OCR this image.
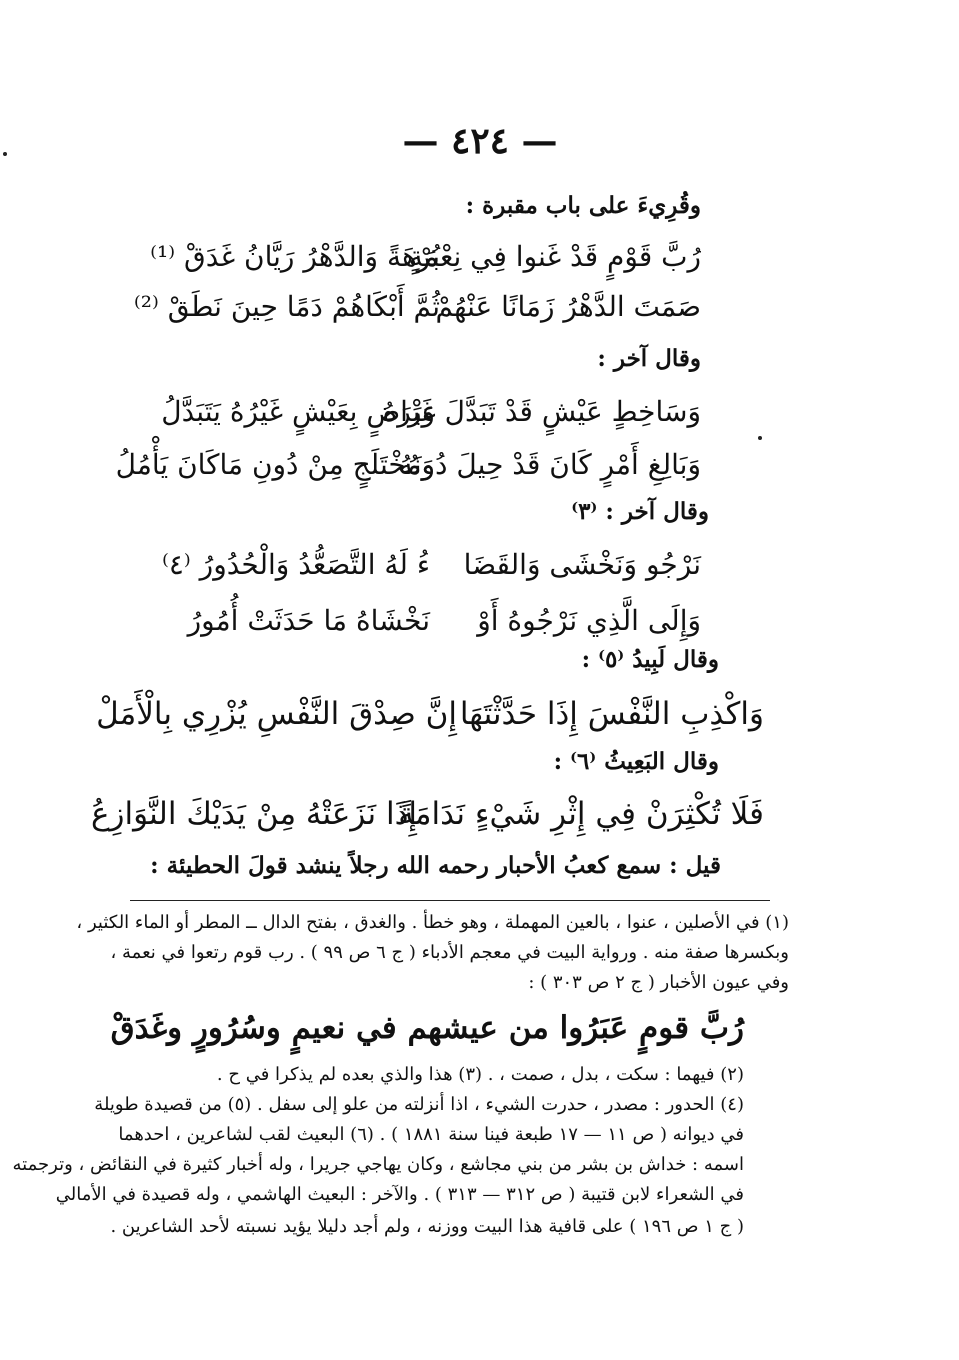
— ٤٢٤ —
وقُرِيءَ على باب مقبرة :
رُبَّ قَوْمٍ قَدْ غَنوا فِي نِعْمَةٍ
بُرْهَةً وَالدَّهْرُ رَيَّانُ غَدَقْ ⁽¹⁾
صَمَتَ الدَّهْرُ زَمَانًا عَنْهُمْ
ثُمَّ أَبْكَاهُمْ دَمًا حِينَ نَطَقْ ⁽²⁾
وقال آخر :
وَسَاخِطٍ عَيْشٍ قَدْ تَبَدَّلَ غَيْرَهُ
وَرَاضٍ بِعَيْشٍ غَيْرُهُ يَتَبَدَّلُ
وَبَالِغِ أَمْرٍ كَانَ قَدْ حِيلَ دُونَهُ
وَمُخْتَلَجٍ مِنْ دُونِ مَاكَانَ يَأْمُلُ
وقال آخر : ⁽٣⁾
نَرْجُو وَنَخْشَى وَالقَضَا
ءُ لَهُ التَّصَعُّدُ وَالْحُدُورُ ⁽٤⁾
وَإِلَى الَّذِي نَرْجُوهُ أَوْ
نَخْشَاهُ مَا حَدَثَتْ أُمُورُ
وقال لَبِيدُ ⁽٥⁾ :
وَاكْذِبِ النَّفْسَ إِذَا حَدَّثْتَهَا
إِنَّ صِدْقَ النَّفْسِ يُزْرِي بِالْأَمَلْ
وقال البَعِيثُ ⁽٦⁾ :
فَلَا تُكْثِرَنْ فِي إِثْرِ شَيْءٍ نَدَامَةً
إِذَا نَزَعَتْهُ مِنْ يَدَيْكَ النَّوَازِعُ
قيل : سمع كعبُ الأحبار رحمه الله رجلاً ينشد قولَ الحطيئة :
(١) في الأصلين ، عنوا ، بالعين المهملة ، وهو خطأ . والغدق ، بفتح الدال ــ المطر أو الماء الكثير ،
وبكسرها صفة منه . ورواية البيت في معجم الأدباء ( ج ٦ ص ٩٩ ) . رب قوم رتعوا في نعمة ،
وفي عيون الأخبار ( ج ٢ ص ٣٠٣ ) :
رُبَّ قومٍ عَبَرُوا من عيشهم في نعيمٍ وسُرُورٍ وغَدَقْ
(٢) فيهما : سكت ، بدل ، صمت ، . (٣) هذا والذي بعده لم يذكرا في ح .
(٤) الحدور : مصدر ، حدرت الشيء ، اذا أنزلته من علو إلى سفل . (٥) من قصيدة طويلة
في ديوانه ( ص ١١ — ١٧ طبعة فينا سنة ١٨٨١ ) . (٦) البعيث لقب لشاعرين ، احدهما
اسمه : خداش بن بشر من بني مجاشع ، وكان يهاجي جريرا ، وله أخبار كثيرة في النقائض ، وترجمته
في الشعراء لابن قتيبة ( ص ٣١٢ — ٣١٣ ) . والآخر : البعيث الهاشمي ، وله قصيدة في الأمالي
( ج ١ ص ١٩٦ ) على قافية هذا البيت ووزنه ، ولم أجد دليلا يؤيد نسبته لأحد الشاعرين .
